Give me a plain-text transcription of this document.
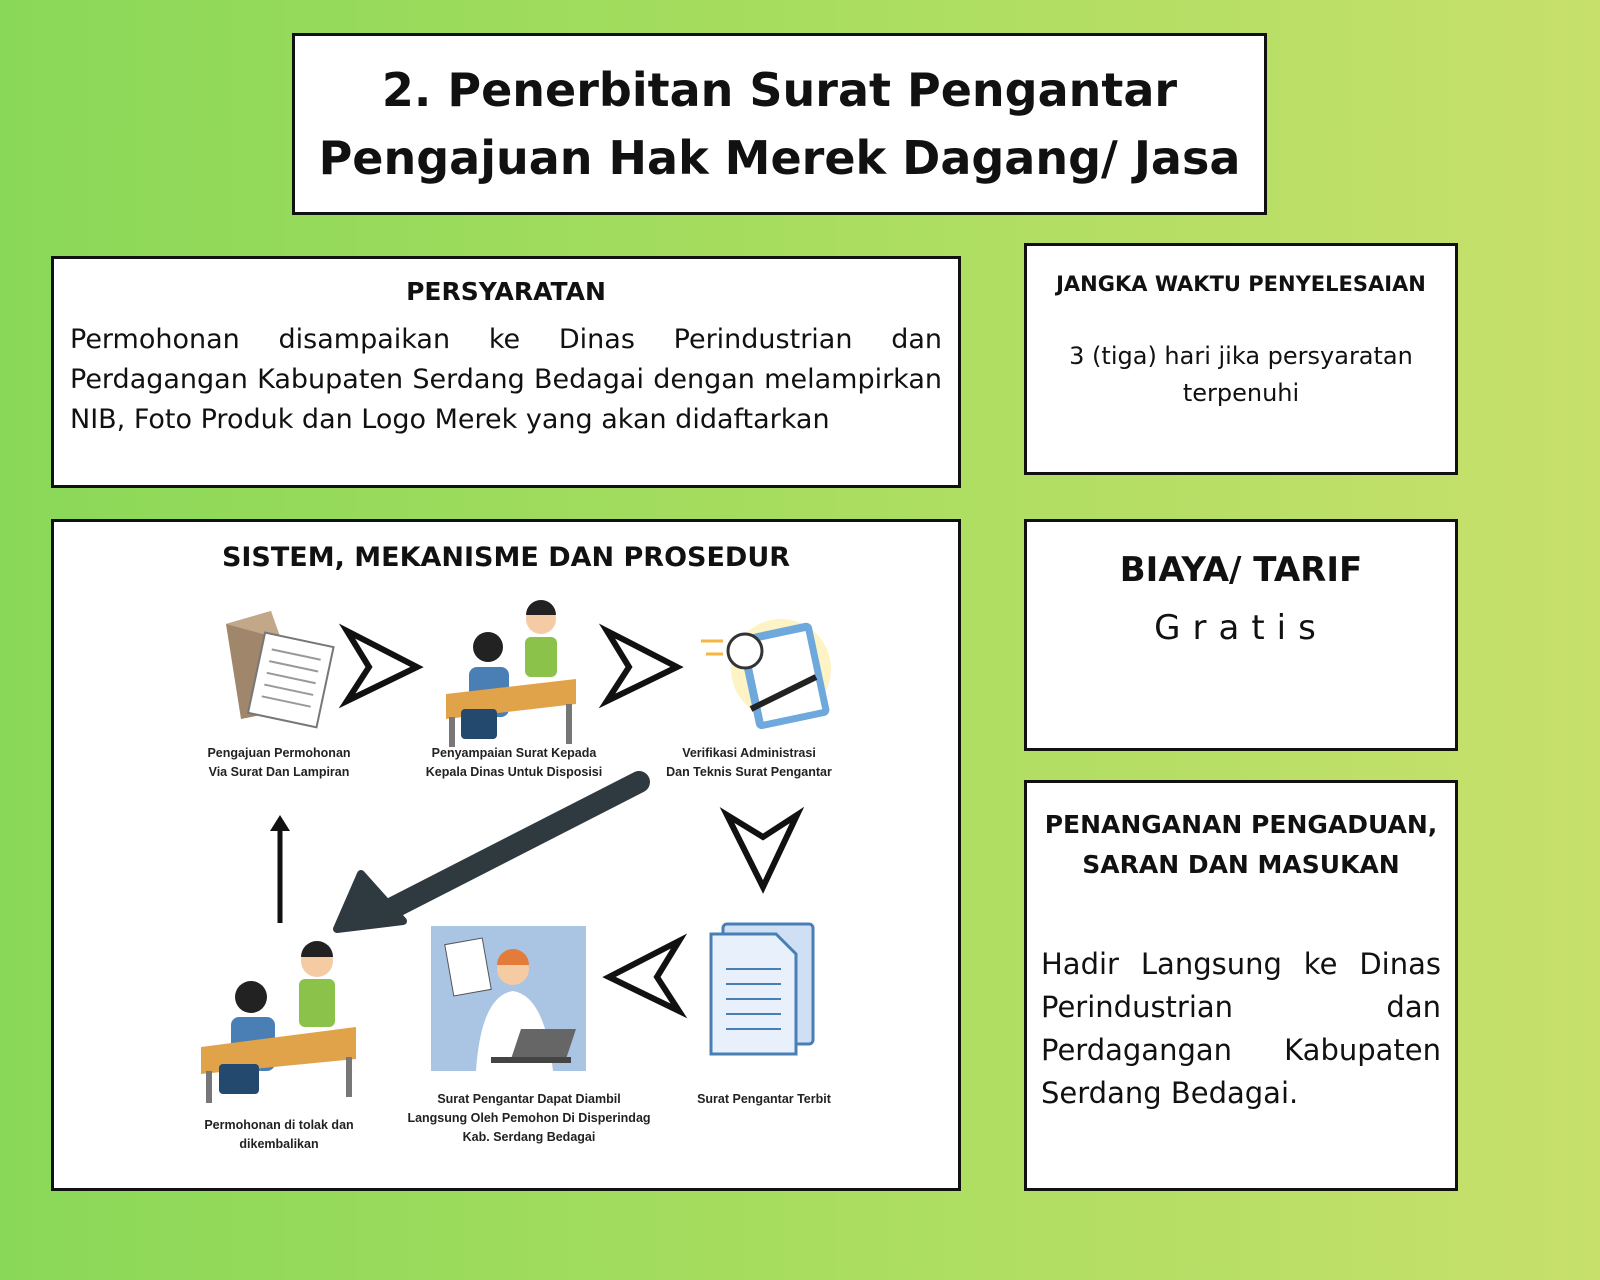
2. Penerbitan Surat Pengantar
Pengajuan Hak Merek Dagang/ Jasa
PERSYARATAN

Permohonan disampaikan ke Dinas Perindustrian dan Perdagangan Kabupaten Serdang Bedagai dengan melampirkan NIB, Foto Produk dan Logo Merek yang akan didaftarkan

JANGKA WAKTU PENYELESAIAN

3 (tiga) hari jika persyaratan terpenuhi

BIAYA/ TARIF

Gratis

PENANGANAN PENGADUAN, SARAN DAN MASUKAN

Hadir Langsung ke Dinas Perindustrian dan Perdagangan Kabupaten Serdang Bedagai.

SISTEM, MEKANISME DAN PROSEDUR
Pengajuan Permohonan
Via Surat Dan Lampiran
Penyampaian Surat Kepada
Kepala Dinas Untuk Disposisi
Verifikasi Administrasi
Dan Teknis Surat Pengantar
Surat Pengantar Terbit
Surat Pengantar Dapat Diambil
Langsung Oleh Pemohon Di Disperindag
Kab. Serdang Bedagai
Permohonan di tolak dan
dikembalikan
